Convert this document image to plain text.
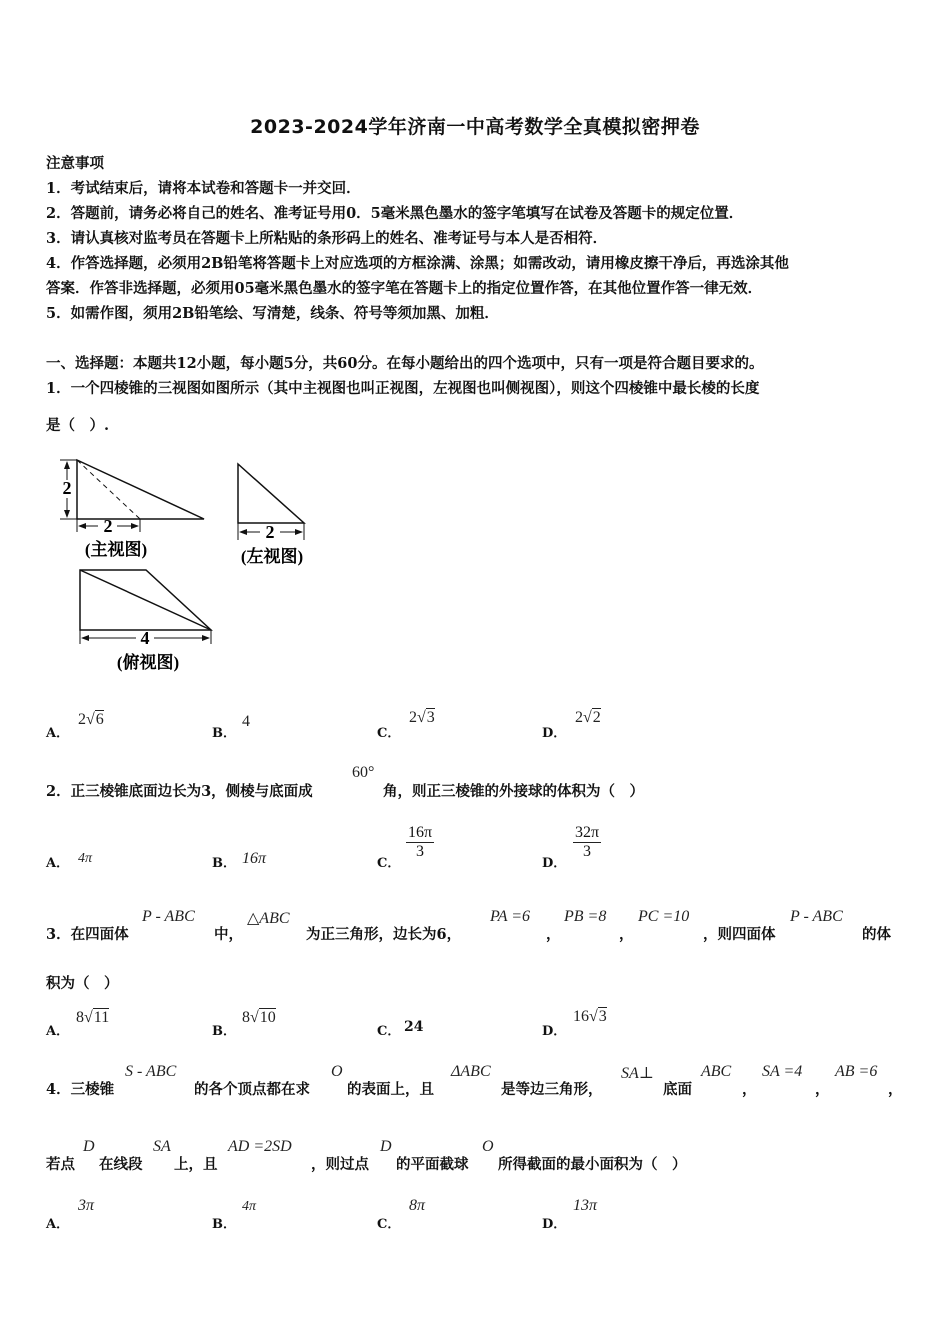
2023-2024学年济南一中高考数学全真模拟密押卷
注意事项
1．考试结束后，请将本试卷和答题卡一并交回．
2．答题前，请务必将自己的姓名、准考证号用0．5毫米黑色墨水的签字笔填写在试卷及答题卡的规定位置．
3．请认真核对监考员在答题卡上所粘贴的条形码上的姓名、准考证号与本人是否相符．
4．作答选择题，必须用2B铅笔将答题卡上对应选项的方框涂满、涂黑；如需改动，请用橡皮擦干净后，再选涂其他
答案．作答非选择题，必须用05毫米黑色墨水的签字笔在答题卡上的指定位置作答，在其他位置作答一律无效．
5．如需作图，须用2B铅笔绘、写清楚，线条、符号等须加黑、加粗．
一、选择题：本题共12小题，每小题5分，共60分。在每小题给出的四个选项中，只有一项是符合题目要求的。
1．一个四棱锥的三视图如图所示（其中主视图也叫正视图，左视图也叫侧视图），则这个四棱锥中最长棱的长度
是（　）.
2
2
(主视图)
2
(左视图)
4
(俯视图)
A．
2√6
B．
4
C．
2√3
D．
2√2
2．正三棱锥底面边长为3，侧棱与底面成
60°
角，则正三棱锥的外接球的体积为（　）
A． 4π	B． 16π	C．
$\frac{16\pi}{3}$
D．
$\frac{32\pi}{3}$
3．在四面体
P - ABC
中，
△ABC
为正三角形，边长为6，
PA =6
，
PB =8
，
PC =10
，则四面体
P - ABC
的体
积为（　）
A．
8√11
B．
8√10
C． 24	D．
16√3
4．三棱锥
S - ABC
的各个顶点都在求
O
的表面上，且
ΔABC
是等边三角形，
SA⊥
底面
ABC
，
SA =4
，
AB =6
，
若点
D
在线段
SA
上，且
AD =2SD
，则过点
D
的平面截球
O
所得截面的最小面积为（　）
A．
3π
B．
4π
C．
8π
D．
13π
